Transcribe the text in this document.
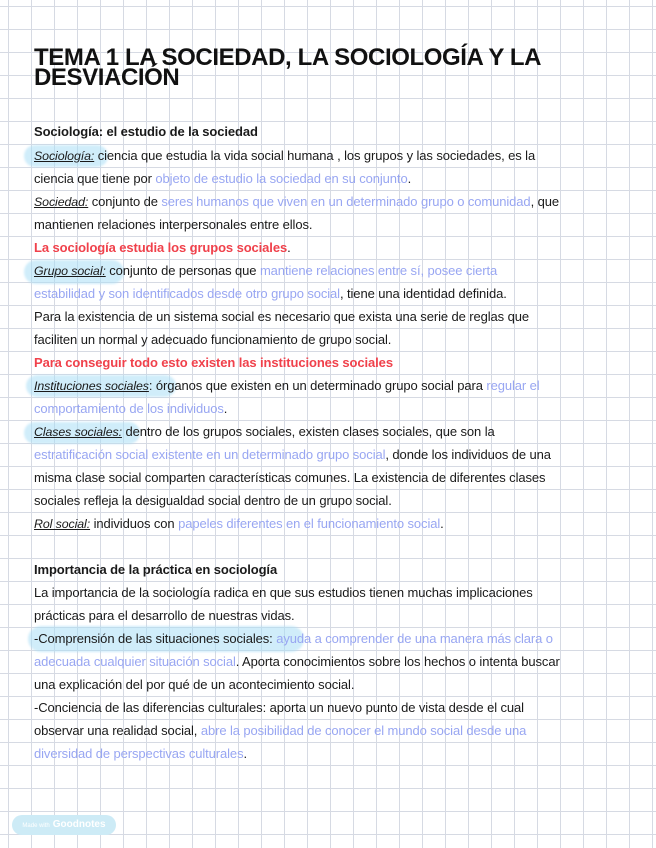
TEMA 1 LA SOCIEDAD, LA SOCIOLOGÍA Y LA
DESVIACIÓN
Sociología: el estudio de la sociedad
Sociología: ciencia que estudia la vida social humana , los grupos y las sociedades, es la
ciencia que tiene por objeto de estudio la sociedad en su conjunto.
Sociedad: conjunto de seres humanos que viven en un determinado grupo o comunidad, que
mantienen relaciones interpersonales entre ellos.
La sociología estudia los grupos sociales.
Grupo social: conjunto de personas que mantiene relaciones entre sí, posee cierta
estabilidad y son identificados desde otro grupo social, tiene una identidad definida.
Para la existencia de un sistema social es necesario que exista una serie de reglas que
faciliten un normal y adecuado funcionamiento de grupo social.
Para conseguir todo esto existen las instituciones sociales
Instituciones sociales: órganos que existen en un determinado grupo social para regular el
comportamiento de los individuos.
Clases sociales: dentro de los grupos sociales, existen clases sociales, que son la
estratificación social existente en un determinado grupo social, donde los individuos de una
misma clase social comparten características comunes. La existencia de diferentes clases
sociales refleja la desigualdad social dentro de un grupo social.
Rol social: individuos con papeles diferentes en el funcionamiento social.
Importancia de la práctica en sociología
La importancia de la sociología radica en que sus estudios tienen muchas implicaciones
prácticas para el desarrollo de nuestras vidas.
-Comprensión de las situaciones sociales: ayuda a comprender de una manera más clara o
adecuada cualquier situación social. Aporta conocimientos sobre los hechos o intenta buscar
una explicación del por qué de un acontecimiento social.
-Conciencia de las diferencias culturales: aporta un nuevo punto de vista desde el cual
observar una realidad social, abre la posibilidad de conocer el mundo social desde una
diversidad de perspectivas culturales.
Made with Goodnotes
